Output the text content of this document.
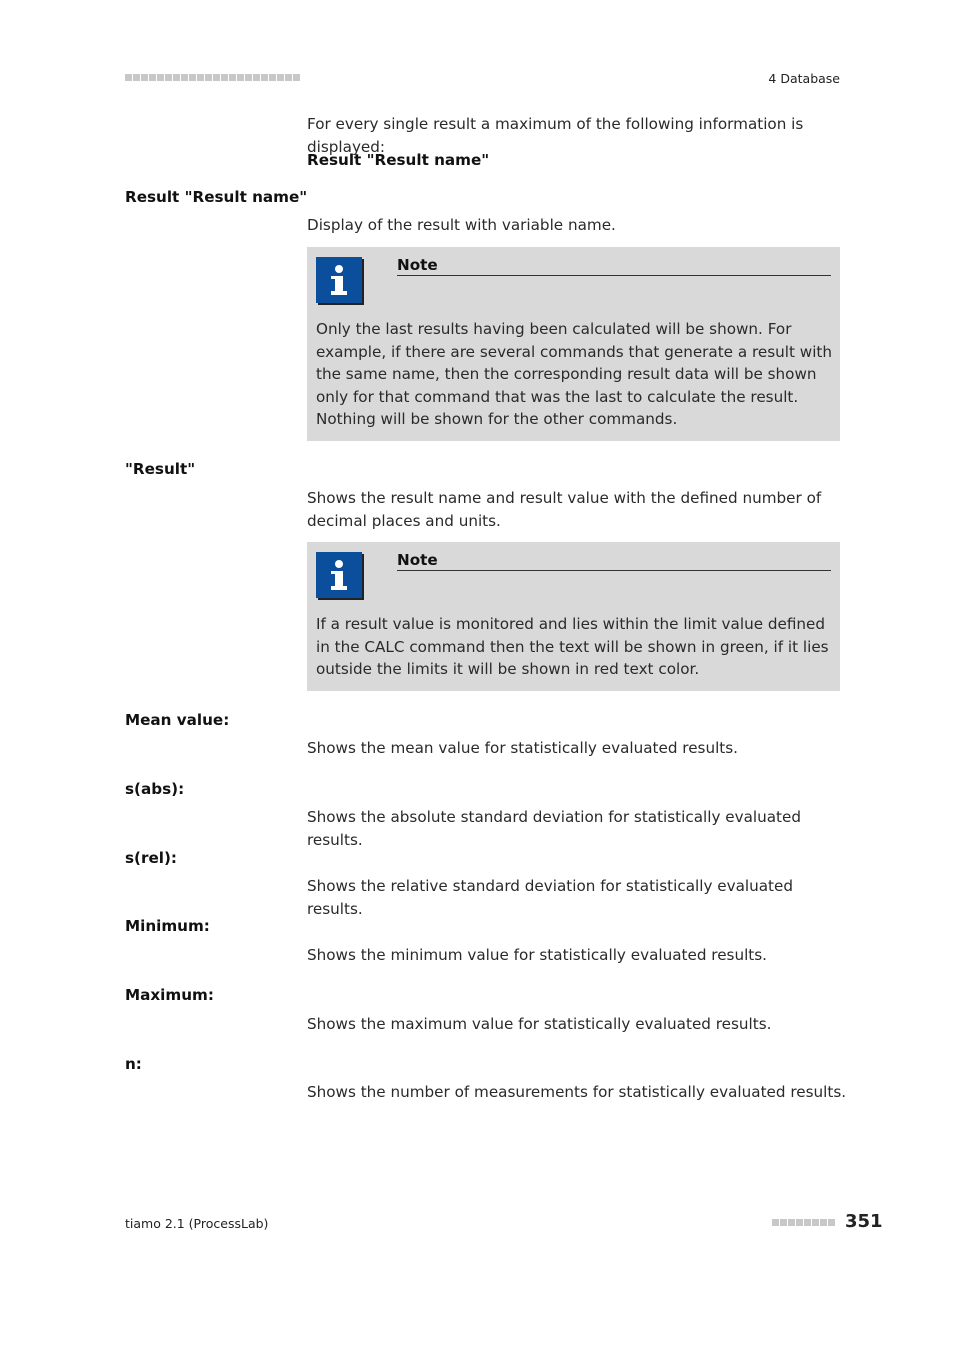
4 Database
For every single result a maximum of the following information is displayed:
Result "Result name"
Result "Result name"
Display of the result with variable name.
Note
Only the last results having been calculated will be shown. For example, if there are several commands that generate a result with the same name, then the corresponding result data will be shown only for that command that was the last to calculate the result. Nothing will be shown for the other commands.
"Result"
Shows the result name and result value with the defined number of decimal places and units.
Note
If a result value is monitored and lies within the limit value defined in the CALC command then the text will be shown in green, if it lies outside the limits it will be shown in red text color.
Mean value:
Shows the mean value for statistically evaluated results.
s(abs):
Shows the absolute standard deviation for statistically evaluated results.
s(rel):
Shows the relative standard deviation for statistically evaluated results.
Minimum:
Shows the minimum value for statistically evaluated results.
Maximum:
Shows the maximum value for statistically evaluated results.
n:
Shows the number of measurements for statistically evaluated results.
tiamo 2.1 (ProcessLab)	351
